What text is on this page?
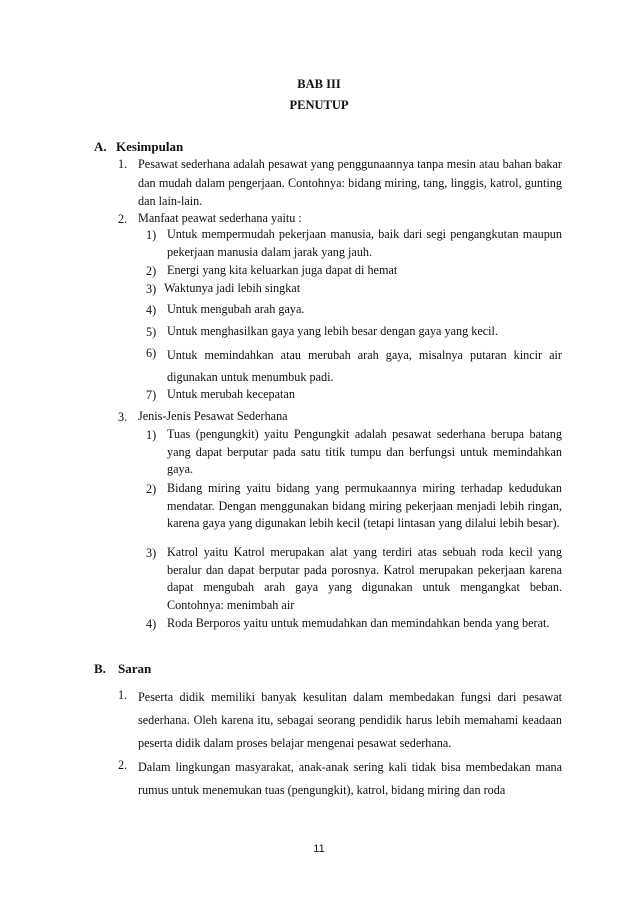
BAB III
PENUTUP
A. Kesimpulan
1. Pesawat sederhana adalah pesawat yang penggunaannya tanpa mesin atau bahan bakar dan mudah dalam pengerjaan. Contohnya: bidang miring, tang, linggis, katrol, gunting dan lain-lain.
2. Manfaat peawat sederhana yaitu :
1) Untuk mempermudah pekerjaan manusia, baik dari segi pengangkutan maupun pekerjaan manusia dalam jarak yang jauh.
2) Energi yang kita keluarkan juga dapat di hemat
3) Waktunya jadi lebih singkat
4) Untuk mengubah arah gaya.
5) Untuk menghasilkan gaya yang lebih besar dengan gaya yang kecil.
6) Untuk memindahkan atau merubah arah gaya, misalnya putaran kincir air digunakan untuk menumbuk padi.
7) Untuk merubah kecepatan
3. Jenis-Jenis Pesawat Sederhana
1) Tuas (pengungkit) yaitu Pengungkit adalah pesawat sederhana berupa batang yang dapat berputar pada satu titik tumpu dan berfungsi untuk memindahkan gaya.
2) Bidang miring yaitu bidang yang permukaannya miring terhadap kedudukan mendatar. Dengan menggunakan bidang miring pekerjaan menjadi lebih ringan, karena gaya yang digunakan lebih kecil (tetapi lintasan yang dilalui lebih besar).
3) Katrol yaitu Katrol merupakan alat yang terdiri atas sebuah roda kecil yang beralur dan dapat berputar pada porosnya. Katrol merupakan pekerjaan karena dapat mengubah arah gaya yang digunakan untuk mengangkat beban. Contohnya: menimbah air
4) Roda Berporos yaitu untuk memudahkan dan memindahkan benda yang berat.
B. Saran
1. Peserta didik memiliki banyak kesulitan dalam membedakan fungsi dari pesawat sederhana. Oleh karena itu, sebagai seorang pendidik harus lebih memahami keadaan peserta didik dalam proses belajar mengenai pesawat sederhana.
2. Dalam lingkungan masyarakat, anak-anak sering kali tidak bisa membedakan mana rumus untuk menemukan tuas (pengungkit), katrol, bidang miring dan roda
11
